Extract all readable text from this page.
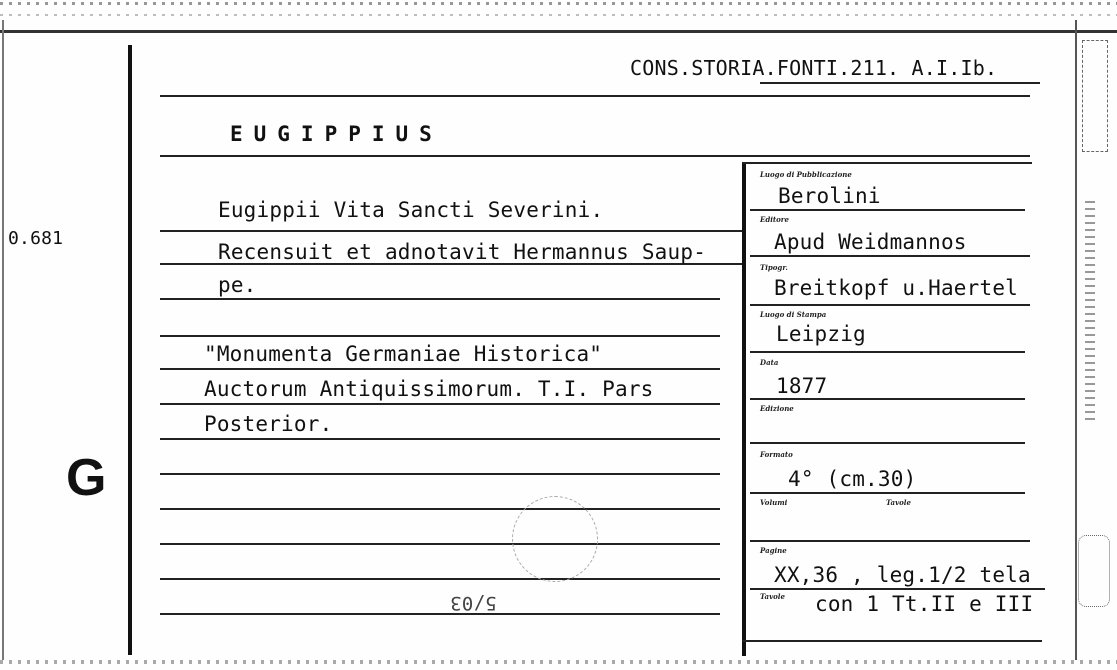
0.681
G
CONS.STORIA.FONTI.211. A.I.Ib.
EUGIPPIUS
Eugippii Vita Sancti Severini.
Recensuit et adnotavit Hermannus Saup-
pe.
"Monumenta Germaniae Historica"
Auctorum Antiquissimorum. T.I. Pars
Posterior.
5/03
Luogo di Pubblicazione
Berolini
Editore
Apud Weidmannos
Tipogr.
Breitkopf u.Haertel
Luogo di Stampa
Leipzig
Data
1877
Edizione
Formato
4° (cm.30)
Volumi	Tavole
Pagine
XX,36 , leg.1/2 tela
Tavole con 1 Tt.II e III
